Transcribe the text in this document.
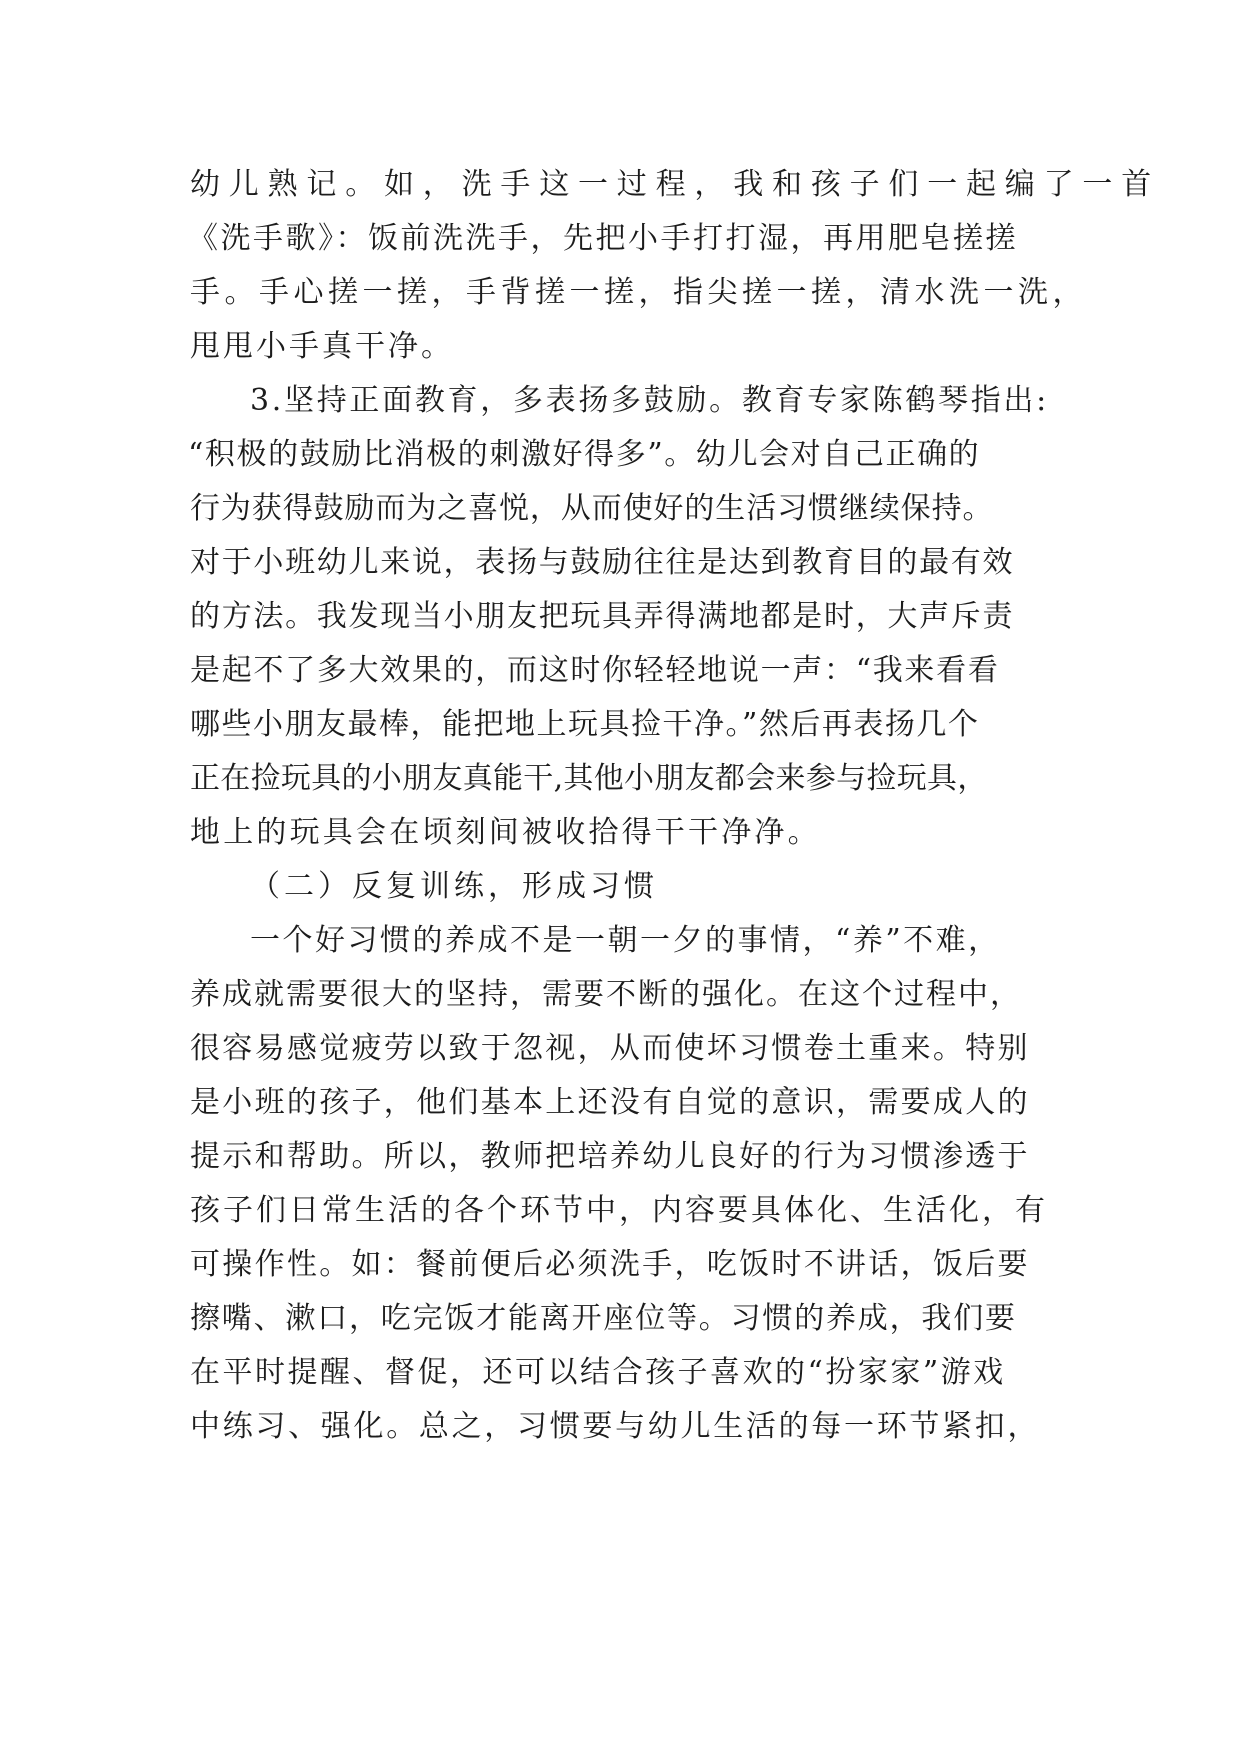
幼儿熟记。如，洗手这一过程，我和孩子们一起编了一首
《洗手歌》：饭前洗洗手，先把小手打打湿，再用肥皂搓搓
手。手心搓一搓，手背搓一搓，指尖搓一搓，清水洗一洗，
甩甩小手真干净。
3.坚持正面教育，多表扬多鼓励。教育专家陈鹤琴指出:
“积极的鼓励比消极的刺激好得多”。幼儿会对自己正确的
行为获得鼓励而为之喜悦，从而使好的生活习惯继续保持。
对于小班幼儿来说，表扬与鼓励往往是达到教育目的最有效
的方法。我发现当小朋友把玩具弄得满地都是时，大声斥责
是起不了多大效果的，而这时你轻轻地说一声：“我来看看
哪些小朋友最棒，能把地上玩具捡干净。”然后再表扬几个
正在捡玩具的小朋友真能干,其他小朋友都会来参与捡玩具，
地上的玩具会在顷刻间被收拾得干干净净。
（二）反复训练，形成习惯
一个好习惯的养成不是一朝一夕的事情，“养”不难，
养成就需要很大的坚持，需要不断的强化。在这个过程中，
很容易感觉疲劳以致于忽视，从而使坏习惯卷土重来。特别
是小班的孩子，他们基本上还没有自觉的意识，需要成人的
提示和帮助。所以，教师把培养幼儿良好的行为习惯渗透于
孩子们日常生活的各个环节中，内容要具体化、生活化，有
可操作性。如：餐前便后必须洗手，吃饭时不讲话，饭后要
擦嘴、漱口，吃完饭才能离开座位等。习惯的养成，我们要
在平时提醒、督促，还可以结合孩子喜欢的“扮家家”游戏
中练习、强化。总之，习惯要与幼儿生活的每一环节紧扣，
